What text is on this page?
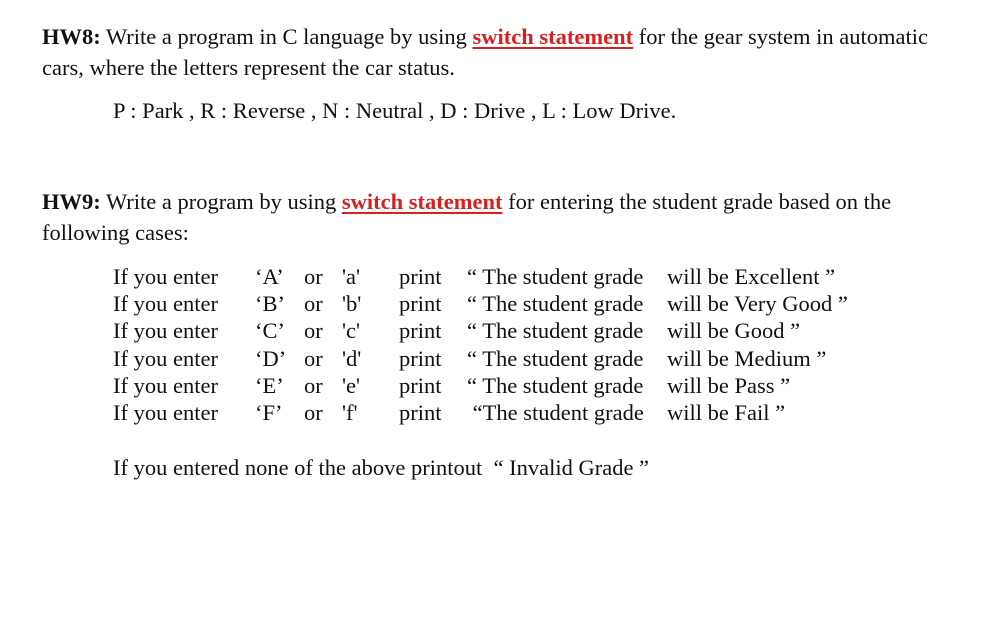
HW8: Write a program in C language by using switch statement for the gear system in automatic cars, where the letters represent the car status.
P : Park , R : Reverse , N : Neutral , D : Drive , L : Low Drive.
HW9: Write a program by using switch statement for entering the student grade based on the following cases:

If you enter

‘A’

or

'a'

print

“ The student grade

will be Excellent ”

If you enter

‘B’

or

'b'

print

“ The student grade

will be Very Good ”

If you enter

‘C’

or

'c'

print

“ The student grade

will be Good ”

If you enter

‘D’

or

'd'

print

“ The student grade

will be Medium ”

If you enter

‘E’

or

'e'

print

“ The student grade

will be Pass ”

If you enter

‘F’

or

'f'

print

“The student grade

will be Fail ”

If you entered none of the above printout  “ Invalid Grade ”
